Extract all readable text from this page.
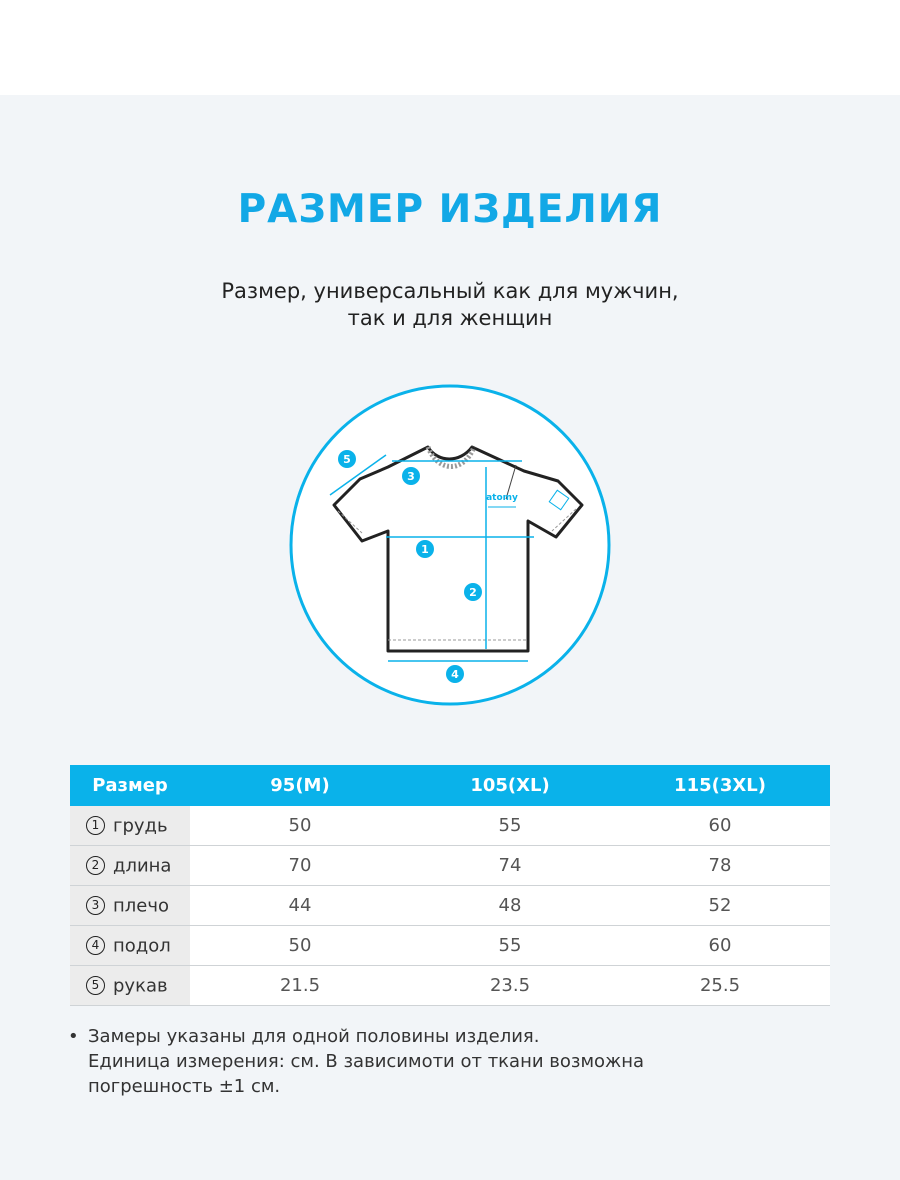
РАЗМЕР ИЗДЕЛИЯ
Размер, универсальный как для мужчин,
так и для женщин
atomy
1
2
3
4
5
Размер	95(M)	105(XL)	115(3XL)
1 грудь	50	55	60
2 длина	70	74	78
3 плечо	44	48	52
4 подол	50	55	60
5 рукав	21.5	23.5	25.5
• Замеры указаны для одной половины изделия.
Единица измерения: см. В зависимоти от ткани возможна
погрешность ±1 см.
